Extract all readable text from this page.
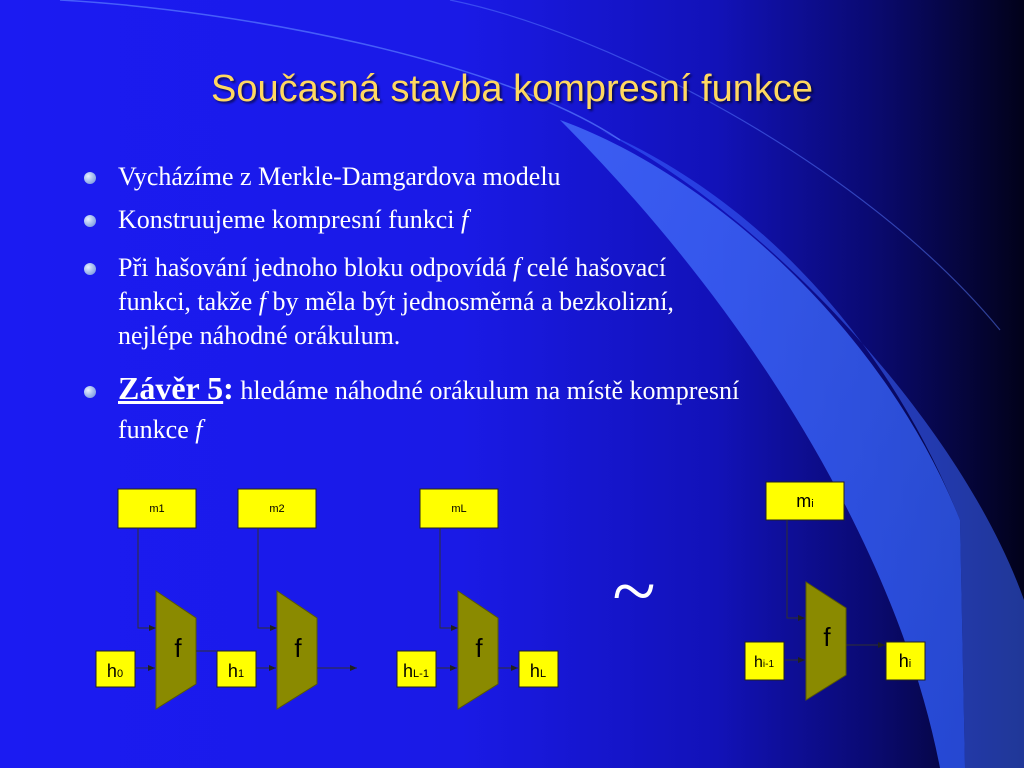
Současná stavba kompresní funkce
Vycházíme z Merkle-Damgardova modelu
Konstruujeme kompresní funkci f
Při hašování jednoho bloku odpovídá f celé hašovací
funkci, takže f by měla být jednosměrná a bezkolizní,
nejlépe náhodné orákulum.
Závěr 5: hledáme náhodné orákulum na místě kompresní
funkce f
m1	m2	mL
f	f	f
h0	h1	hL-1	hL
~
mi
f
hi-1	hi
